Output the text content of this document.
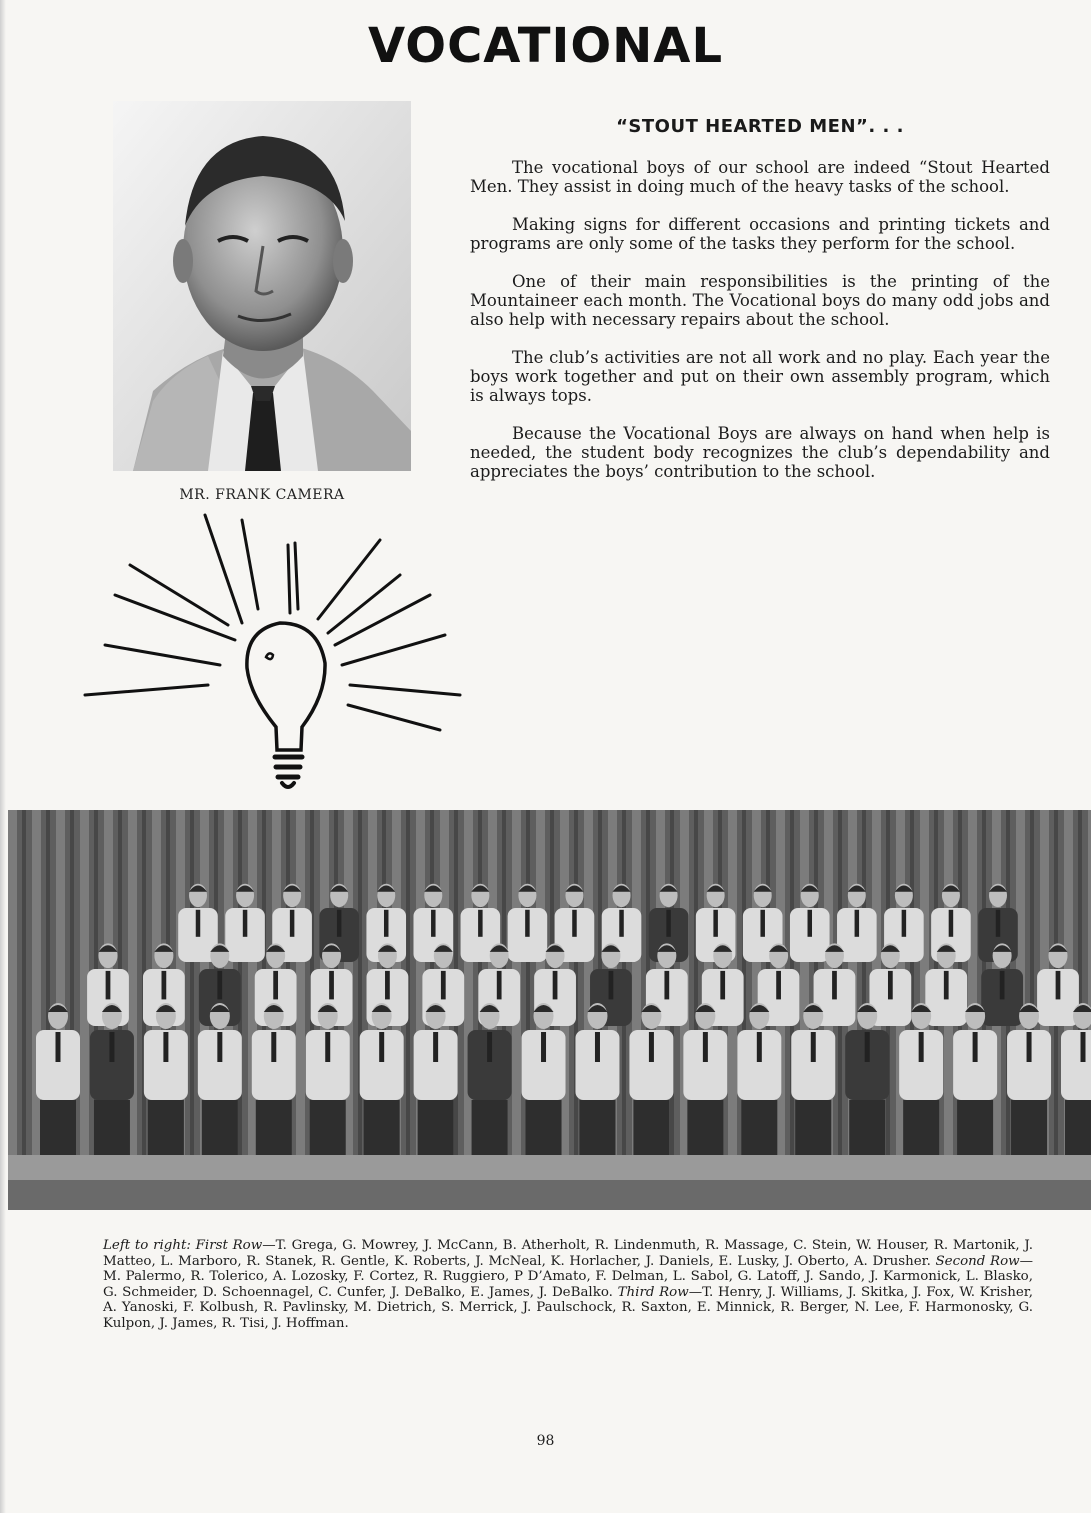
VOCATIONAL
MR. FRANK CAMERA
“STOUT HEARTED MEN”. . .

The vocational boys of our school are indeed “Stout Hearted Men. They assist in doing much of the heavy tasks of the school.

Making signs for different occasions and printing tickets and programs are only some of the tasks they perform for the school.

One of their main responsibilities is the printing of the Mountaineer each month. The Vocational boys do many odd jobs and also help with necessary repairs about the school.

The club’s activities are not all work and no play. Each year the boys work together and put on their own assembly program, which is always tops.

Because the Vocational Boys are always on hand when help is needed, the student body recognizes the club’s dependability and appreciates the boys’ contribution to the school.

Left to right: First Row—T. Grega, G. Mowrey, J. McCann, B. Atherholt, R. Lindenmuth, R. Massage, C. Stein, W. Houser, R. Martonik, J. Matteo, L. Marboro, R. Stanek, R. Gentle, K. Roberts, J. McNeal, K. Horlacher, J. Daniels, E. Lusky, J. Oberto, A. Drusher. Second Row—M. Palermo, R. Tolerico, A. Lozosky, F. Cortez, R. Ruggiero, P D’Amato, F. Delman, L. Sabol, G. Latoff, J. Sando, J. Karmonick, L. Blasko, G. Schmeider, D. Schoennagel, C. Cunfer, J. DeBalko, E. James, J. DeBalko. Third Row—T. Henry, J. Williams, J. Skitka, J. Fox, W. Krisher, A. Yanoski, F. Kolbush, R. Pavlinsky, M. Dietrich, S. Merrick, J. Paulschock, R. Saxton, E. Minnick, R. Berger, N. Lee, F. Harmonosky, G. Kulpon, J. James, R. Tisi, J. Hoffman.

98
